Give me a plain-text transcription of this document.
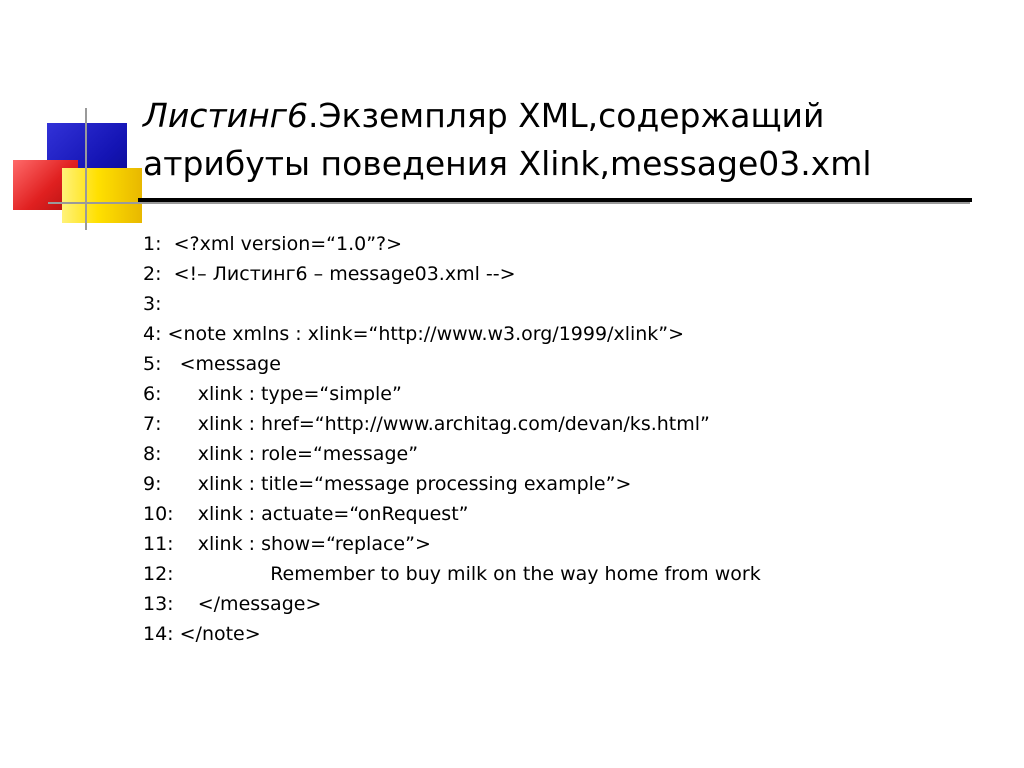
Листинг6.Экземпляр XML,содержащий атрибуты поведения Xlink,message03.xml
1:  <?xml version=“1.0”?>
2:  <!– Листинг6 – message03.xml -->
3:
4: <note xmlns : xlink=“http://www.w3.org/1999/xlink”>
5:   <message
6:      xlink : type=“simple”
7:      xlink : href=“http://www.architag.com/devan/ks.html”
8:      xlink : role=“message”
9:      xlink : title=“message processing example”>
10:    xlink : actuate=“onRequest”
11:    xlink : show=“replace”>
12:                Remember to buy milk on the way home from work
13:    </message>
14: </note>
